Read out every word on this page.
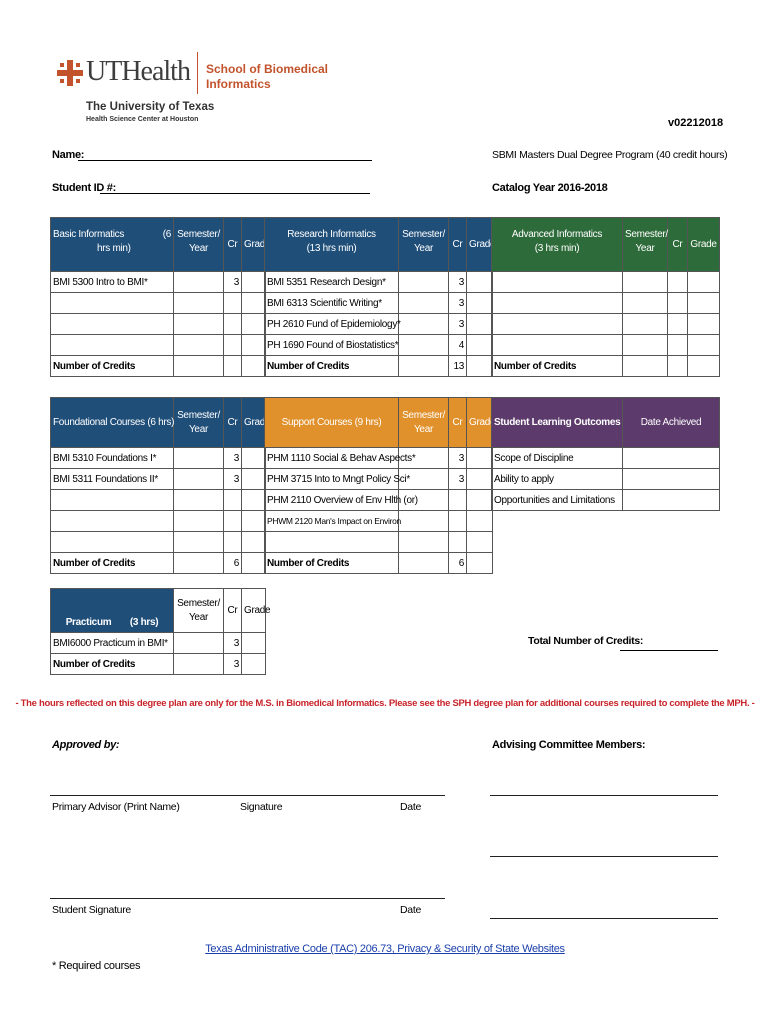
UTHealth School of Biomedical Informatics
The University of Texas
Health Science Center at Houston	v02212018
Name:
Student ID #:
SBMI Masters Dual Degree Program (40 credit hours)
Catalog Year 2016-2018
Basic Informatics (6

hrs min)	Semester/
Year	Cr	Grade
BMI 5300 Intro to BMI*		3	

Number of Credits			
Research Informatics
(13 hrs min)	Semester/
Year	Cr	Grade
BMI 5351 Research Design*		3	
BMI 6313 Scientific Writing*		3	
PH 2610 Fund of Epidemiology*		3	
PH 1690 Found of Biostatistics*		4	
Number of Credits		13	
Advanced Informatics
(3 hrs min)	Semester/
Year	Cr	Grade

Number of Credits			
Foundational Courses (6 hrs)	Semester/
Year	Cr	Grade
BMI 5310 Foundations I*		3	
BMI 5311 Foundations II*		3	

Number of Credits		6	
Support Courses (9 hrs)	Semester/
Year	Cr	Grade
PHM 1110 Social & Behav Aspects*		3	
PHM 3715 Into to Mngt Policy Sci*		3	
PHM 2110 Overview of Env Hlth (or)			
PHWM 2120 Man's Impact on Environ			

Number of Credits		6	
Student Learning Outcomes	Date Achieved
Scope of Discipline	
Ability to apply	
Opportunities and Limitations	
Practicum (3 hrs)	Semester/
Year	Cr	Grade
BMI6000 Practicum in BMI*		3	
Number of Credits		3	
Total Number of Credits:
- The hours reflected on this degree plan are only for the M.S. in Biomedical Informatics. Please see the SPH degree plan for additional courses required to complete the MPH. -
Approved by:	Advising Committee Members:
Primary Advisor (Print Name)	Signature	Date
Student Signature	Date
Texas Administrative Code (TAC) 206.73, Privacy & Security of State Websites
* Required courses
